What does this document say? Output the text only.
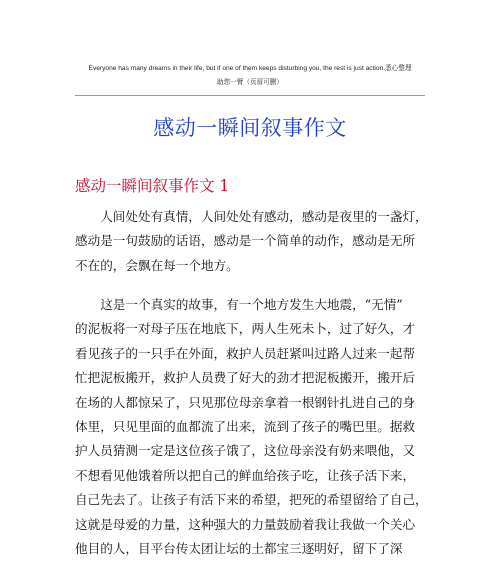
Everyone has many dreams in their life, but if one of them keeps disturbing you, the rest is just action.悉心整理
助您一臂（页眉可删）
感动一瞬间叙事作文
感动一瞬间叙事作文 1
　　人间处处有真情，人间处处有感动，感动是夜里的一盏灯，
感动是一句鼓励的话语，感动是一个简单的动作，感动是无所
不在的，会飘在每一个地方。
　　这是一个真实的故事，有一个地方发生大地震，“无情”
的泥板将一对母子压在地底下，两人生死未卜，过了好久，才
看见孩子的一只手在外面，救护人员赶紧叫过路人过来一起帮
忙把泥板搬开，救护人员费了好大的劲才把泥板搬开，搬开后
在场的人都惊呆了，只见那位母亲拿着一根钢针扎进自己的身
体里，只见里面的血都流了出来，流到了孩子的嘴巴里。据救
护人员猜测一定是这位孩子饿了，这位母亲没有奶来喂他，又
不想看见他饿着所以把自己的鲜血给孩子吃，让孩子活下来，
自己先去了。让孩子有活下来的希望，把死的希望留给了自己，
这就是母爱的力量，这种强大的力量鼓励着我让我做一个关心
他目的人，目平台传太团让坛的土都宝三逐明好，留下了深
